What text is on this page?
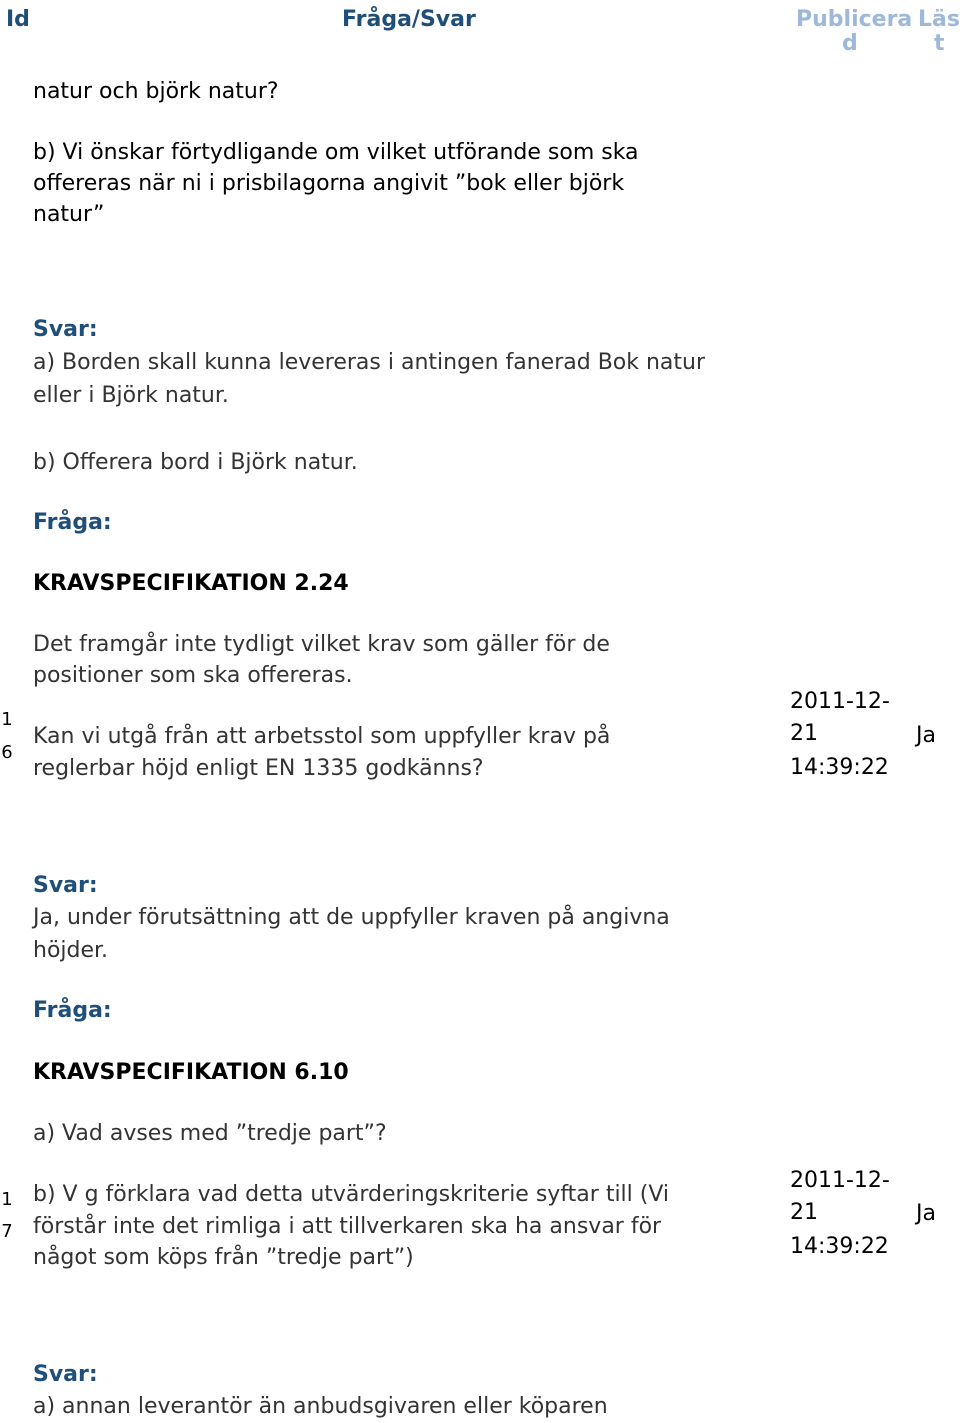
Id	Fråga/Svar	Publicera
d
Läs
t
natur och björk natur?
b) Vi önskar förtydligande om vilket utförande som ska
offereras när ni i prisbilagorna angivit ”bok eller björk
natur”
Svar:
a) Borden skall kunna levereras i antingen fanerad Bok natur
eller i Björk natur.
b) Offerera bord i Björk natur.
Fråga:
KRAVSPECIFIKATION 2.24
Det framgår inte tydligt vilket krav som gäller för de
positioner som ska offereras.
Kan vi utgå från att arbetsstol som uppfyller krav på
reglerbar höjd enligt EN 1335 godkänns?
1
6
2011-12-
21
14:39:22
Ja
Svar:
Ja, under förutsättning att de uppfyller kraven på angivna
höjder.
Fråga:
KRAVSPECIFIKATION 6.10
a) Vad avses med ”tredje part”?
b) V g förklara vad detta utvärderingskriterie syftar till (Vi
förstår inte det rimliga i att tillverkaren ska ha ansvar för
något som köps från ”tredje part”)
1
7
2011-12-
21
14:39:22
Ja
Svar:
a) annan leverantör än anbudsgivaren eller köparen
